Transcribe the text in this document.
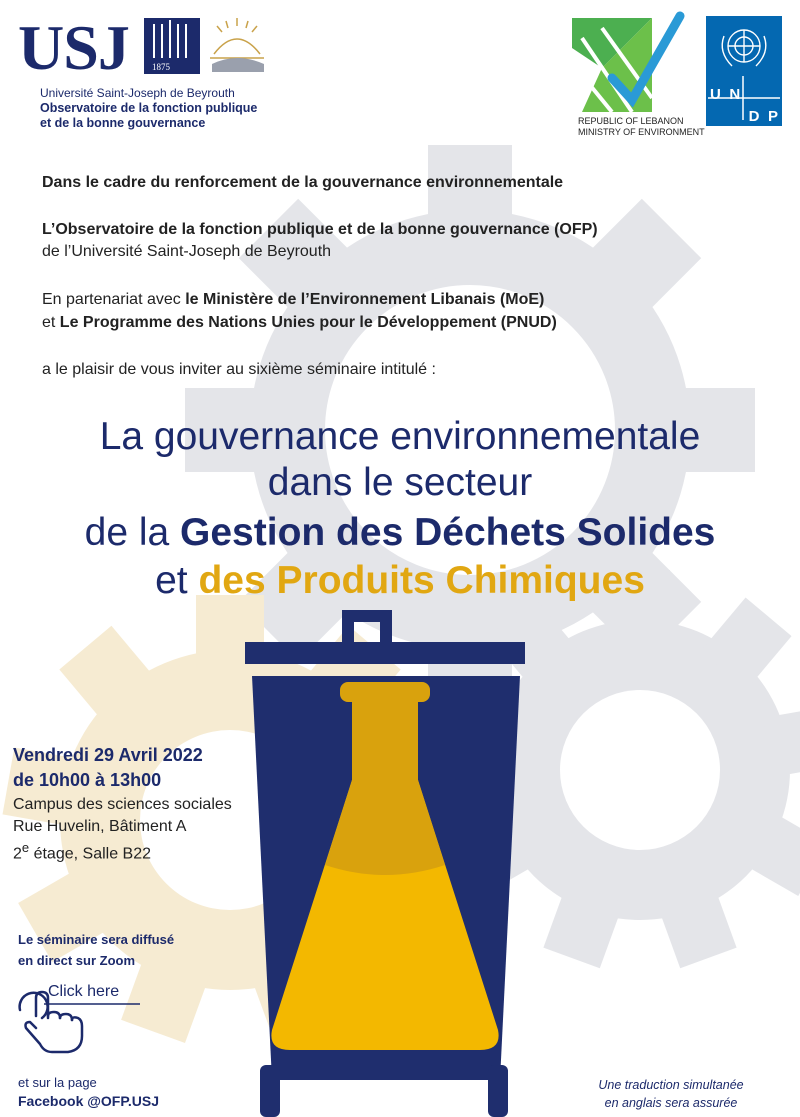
USJ	1875
Université Saint-Joseph de Beyrouth
Observatoire de la fonction publique
et de la bonne gouvernance	REPUBLIC OF LEBANON
MINISTRY OF ENVIRONMENT
U N
D P
Dans le cadre du renforcement de la gouvernance environnementale
L’Observatoire de la fonction publique et de la bonne gouvernance (OFP)
de l’Université Saint-Joseph de Beyrouth
En partenariat avec le Ministère de l’Environnement Libanais (MoE)
et Le Programme des Nations Unies pour le Développement (PNUD)
a le plaisir de vous inviter au sixième séminaire intitulé :
La gouvernance environnementale
dans le secteur
de la Gestion des Déchets Solides
et des Produits Chimiques
Vendredi 29 Avril 2022
de 10h00 à 13h00
Campus des sciences sociales
Rue Huvelin, Bâtiment A
2e étage, Salle B22
Le séminaire sera diffusé
en direct sur Zoom
Click here
et sur la page
Facebook @OFP.USJ
Une traduction simultanée
en anglais sera assurée
